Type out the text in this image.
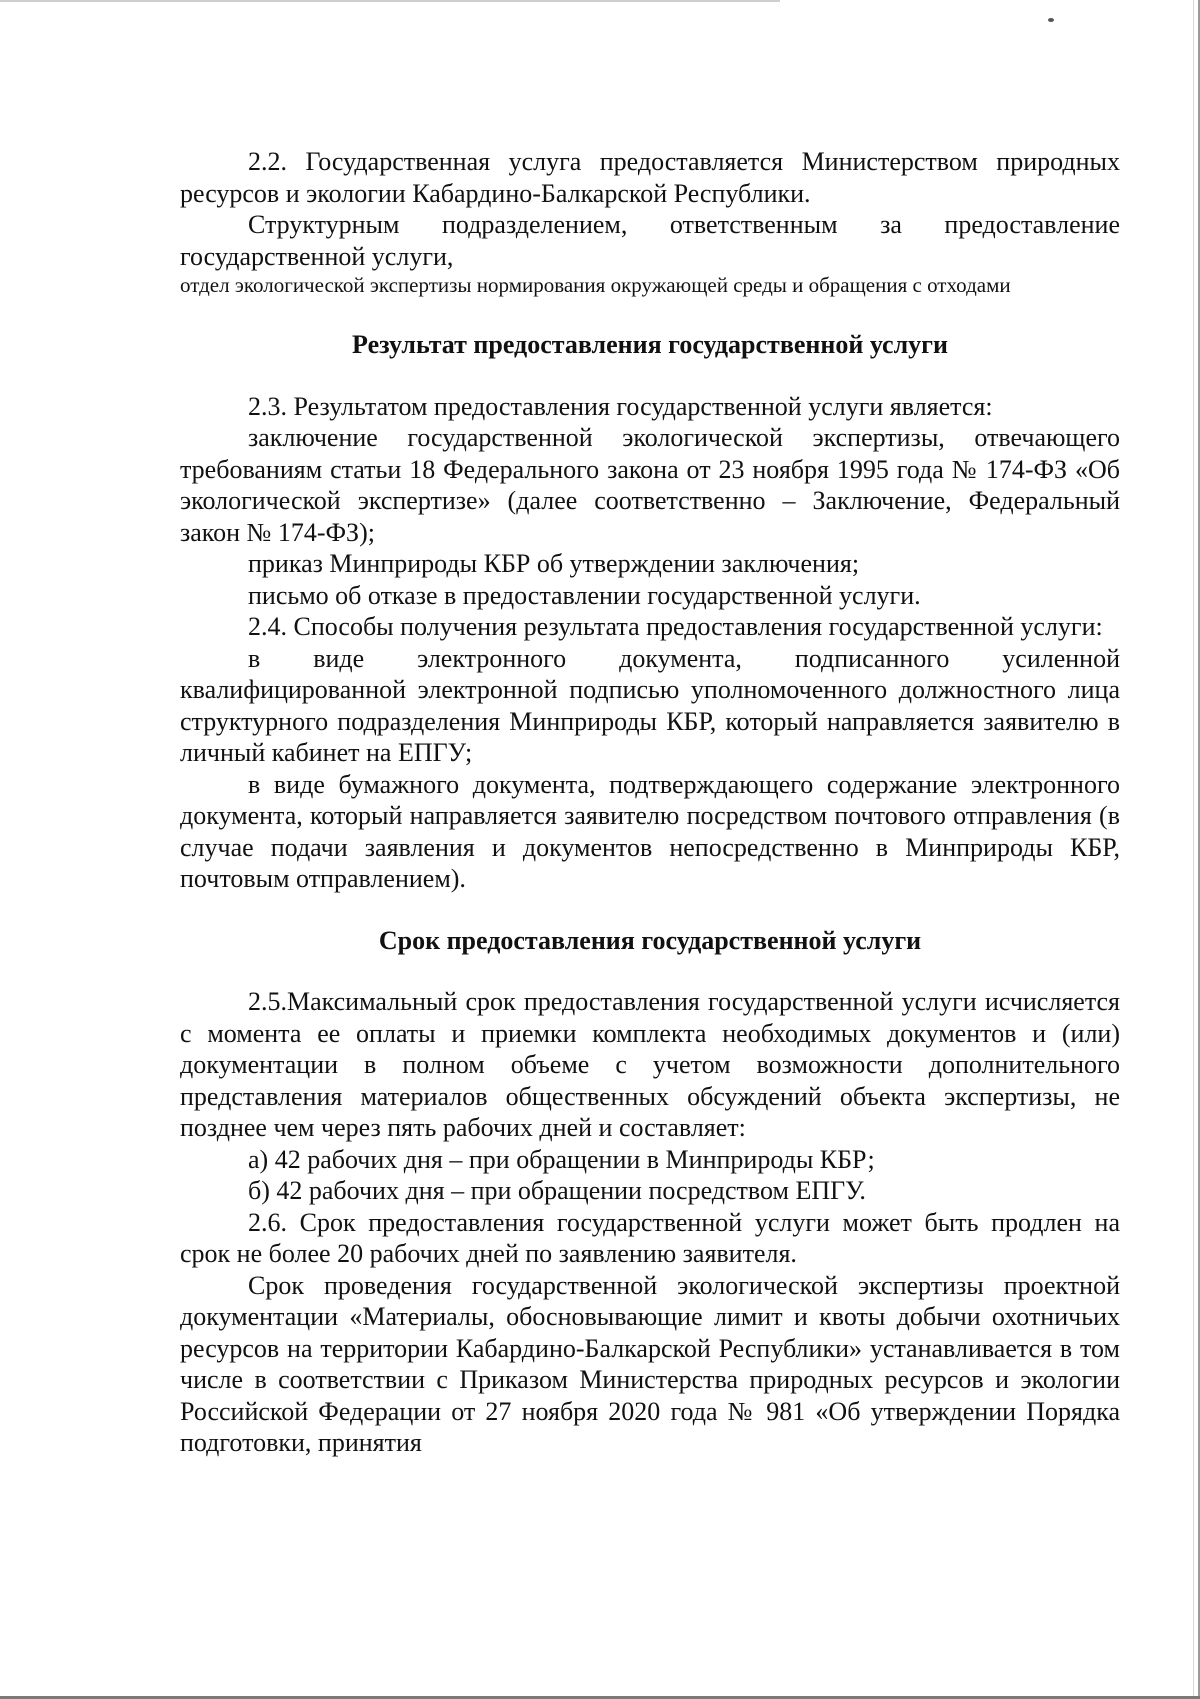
2.2. Государственная услуга предоставляется Министерством природных ресурсов и экологии Кабардино-Балкарской Республики.

Структурным подразделением, ответственным за предоставление государственной услуги,

отдел экологической экспертизы нормирования окружающей среды и обращения с отходами

Результат предоставления государственной услуги

2.3. Результатом предоставления государственной услуги является:

заключение государственной экологической экспертизы, отвечающего требованиям статьи 18 Федерального закона от 23 ноября 1995 года № 174-ФЗ «Об экологической экспертизе» (далее соответственно – Заключение, Федеральный закон № 174-ФЗ);

приказ Минприроды КБР об утверждении заключения;

письмо об отказе в предоставлении государственной услуги.

2.4. Способы получения результата предоставления государственной услуги:

в виде электронного документа, подписанного усиленной квалифицированной электронной подписью уполномоченного должностного лица структурного подразделения Минприроды КБР, который направляется заявителю в личный кабинет на ЕПГУ;

в виде бумажного документа, подтверждающего содержание электронного документа, который направляется заявителю посредством почтового отправления (в случае подачи заявления и документов непосредственно в Минприроды КБР, почтовым отправлением).

Срок предоставления государственной услуги

2.5.Максимальный срок предоставления государственной услуги исчисляется с момента ее оплаты и приемки комплекта необходимых документов и (или) документации в полном объеме с учетом возможности дополнительного представления материалов общественных обсуждений объекта экспертизы, не позднее чем через пять рабочих дней и составляет:

а) 42 рабочих дня – при обращении в Минприроды КБР;

б) 42 рабочих дня – при обращении посредством ЕПГУ.

2.6. Срок предоставления государственной услуги может быть продлен на срок не более 20 рабочих дней по заявлению заявителя.

Срок проведения государственной экологической экспертизы проектной документации «Материалы, обосновывающие лимит и квоты добычи охотничьих ресурсов на территории Кабардино-Балкарской Республики» устанавливается в том числе в соответствии с Приказом Министерства природных ресурсов и экологии Российской Федерации от 27 ноября 2020 года № 981 «Об утверждении Порядка подготовки, принятия
